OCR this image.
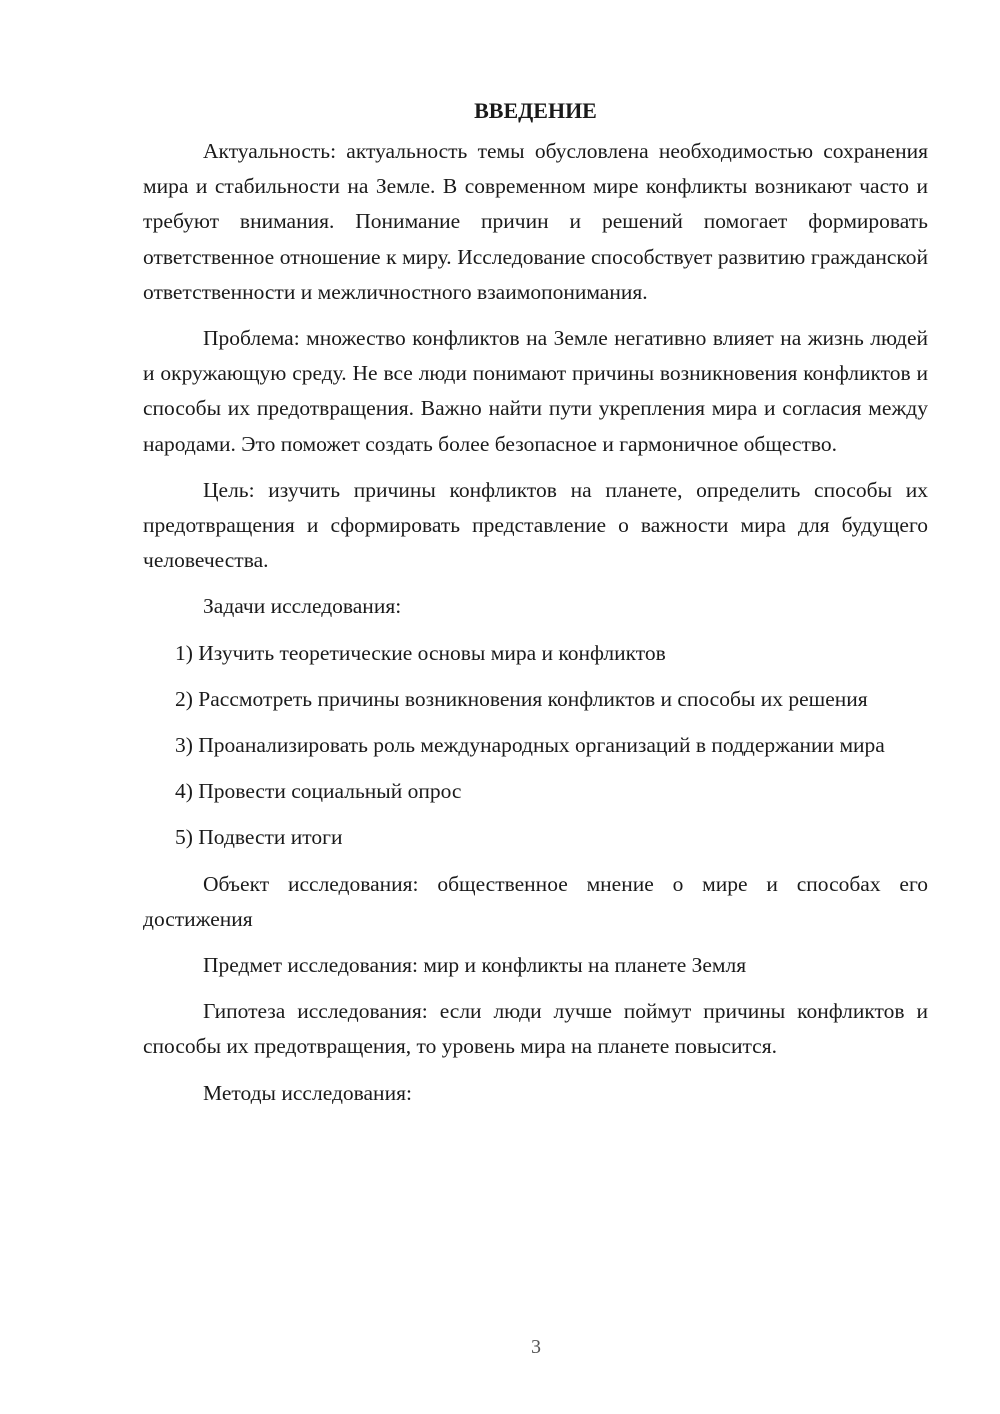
ВВЕДЕНИЕ

Актуальность: актуальность темы обусловлена необходимостью сохранения мира и стабильности на Земле. В современном мире конфликты возникают часто и требуют внимания. Понимание причин и решений помогает формировать ответственное отношение к миру. Исследование способствует развитию гражданской ответственности и межличностного взаимопонимания.

Проблема: множество конфликтов на Земле негативно влияет на жизнь людей и окружающую среду. Не все люди понимают причины возникновения конфликтов и способы их предотвращения. Важно найти пути укрепления мира и согласия между народами. Это поможет создать более безопасное и гармоничное общество.

Цель: изучить причины конфликтов на планете, определить способы их предотвращения и сформировать представление о важности мира для будущего человечества.

Задачи исследования:

1) Изучить теоретические основы мира и конфликтов

2) Рассмотреть причины возникновения конфликтов и способы их решения

3) Проанализировать роль международных организаций в поддержании мира

4) Провести социальный опрос

5) Подвести итоги

Объект исследования: общественное мнение о мире и способах его достижения

Предмет исследования: мир и конфликты на планете Земля

Гипотеза исследования: если люди лучше поймут причины конфликтов и способы их предотвращения, то уровень мира на планете повысится.

Методы исследования:

3
